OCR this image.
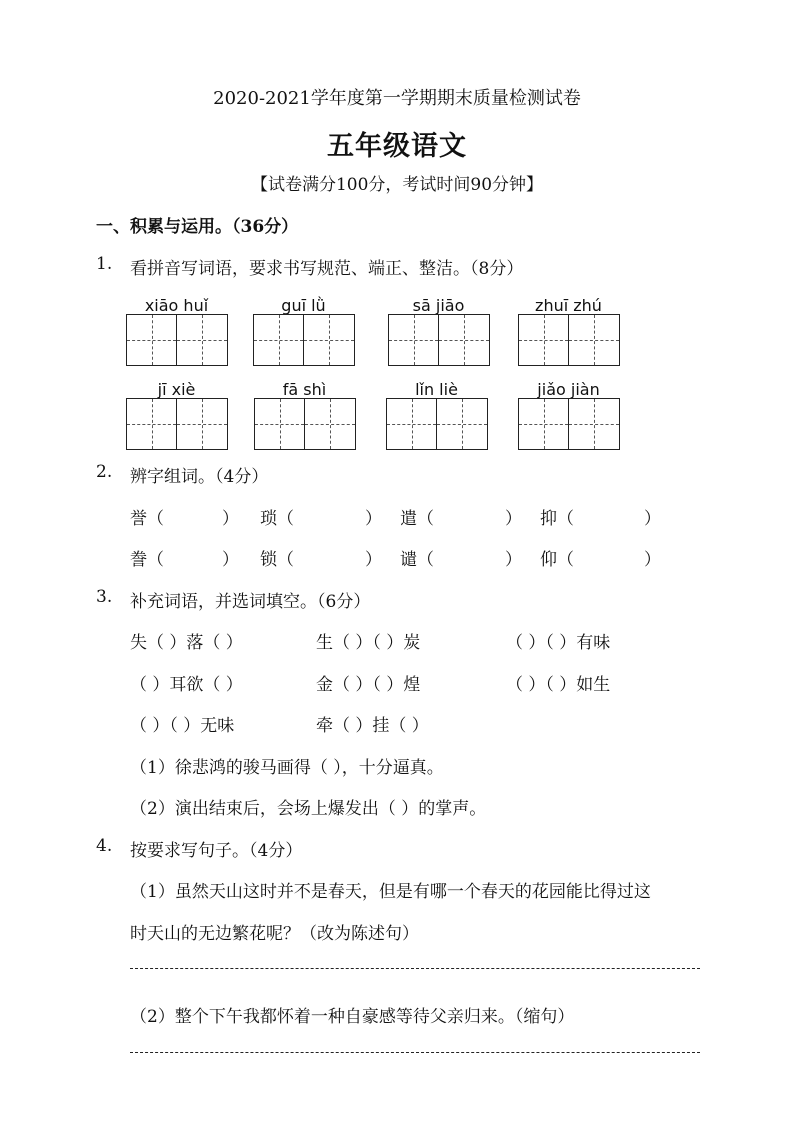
2020-2021学年度第一学期期末质量检测试卷
五年级语文
【试卷满分100分，考试时间90分钟】
一、积累与运用。（36分）
1. 看拼音写词语，要求书写规范、端正、整洁。（8分）
xiāo huǐ	guī lǜ	sā jiāo	zhuī zhú
jī xiè	fā shì	lǐn liè	jiǎo jiàn
2. 辨字组词。（4分）
誉（	） 琐（	） 遣（	） 抑（	）
誊（	） 锁（	） 谴（	） 仰（	）
3. 补充词语，并选词填空。（6分）
失（ ）落（ ）	生（ ）（ ）炭	（ ）（ ）有味
（ ）耳欲（ ）	金（ ）（ ）煌	（ ）（ ）如生
（ ）（ ）无味	牵（ ）挂（ ）
（1）徐悲鸿的骏马画得（ ），十分逼真。
（2）演出结束后，会场上爆发出（ ）的掌声。
4. 按要求写句子。（4分）
（1）虽然天山这时并不是春天，但是有哪一个春天的花园能比得过这
时天山的无边繁花呢？（改为陈述句）
（2）整个下午我都怀着一种自豪感等待父亲归来。（缩句）
